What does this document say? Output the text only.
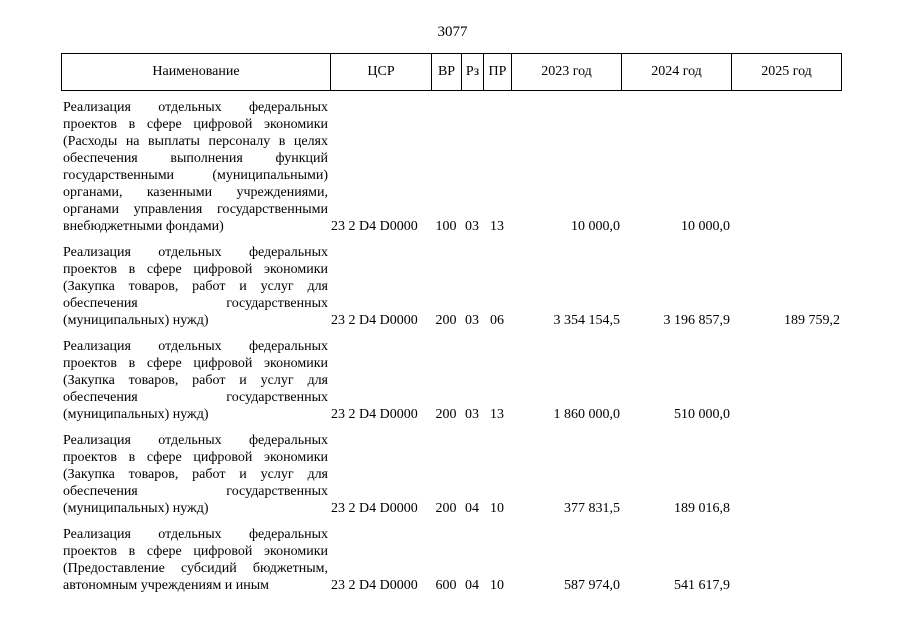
3077
Наименование	ЦСР	ВР Рз ПР	2023 год	2024 год	2025 год
Реализация отдельных федеральных проектов в сфере цифровой экономики (Расходы на выплаты персоналу в целях обеспечения выполнения функций государственными (муниципальными) органами, казенными учреждениями, органами управления государственными внебюджетными фондами)	23 2 D4 D0000	100 03 13	10 000,0	10 000,0
Реализация отдельных федеральных проектов в сфере цифровой экономики (Закупка товаров, работ и услуг для обеспечения государственных (муниципальных) нужд)	23 2 D4 D0000	200 03 06	3 354 154,5	3 196 857,9	189 759,2
Реализация отдельных федеральных проектов в сфере цифровой экономики (Закупка товаров, работ и услуг для обеспечения государственных (муниципальных) нужд)	23 2 D4 D0000	200 03 13	1 860 000,0	510 000,0
Реализация отдельных федеральных проектов в сфере цифровой экономики (Закупка товаров, работ и услуг для обеспечения государственных (муниципальных) нужд)	23 2 D4 D0000	200 04 10	377 831,5	189 016,8
Реализация отдельных федеральных проектов в сфере цифровой экономики (Предоставление субсидий бюджетным, автономным учреждениям и иным	23 2 D4 D0000	600 04 10	587 974,0	541 617,9
